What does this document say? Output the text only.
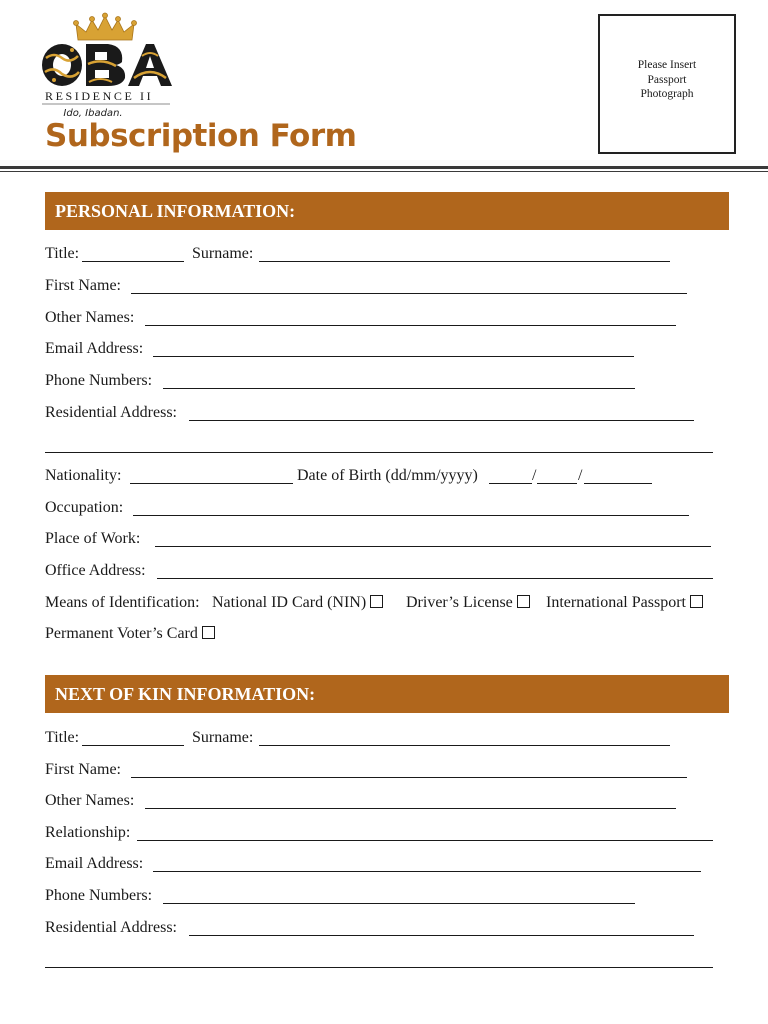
RESIDENCE II
Ido, Ibadan.
Subscription Form
Please Insert
Passport
Photograph
PERSONAL INFORMATION:
Title:	Surname:
First Name:
Other Names:
Email Address:
Phone Numbers:
Residential Address:
Nationality:	Date of Birth (dd/mm/yyyy)	/	/
Occupation:
Place of Work:
Office Address:
Means of Identification: National ID Card (NIN)	Driver’s License	International Passport
Permanent Voter’s Card
NEXT OF KIN INFORMATION:
Title:	Surname:
First Name:
Other Names:
Relationship:
Email Address:
Phone Numbers:
Residential Address:
